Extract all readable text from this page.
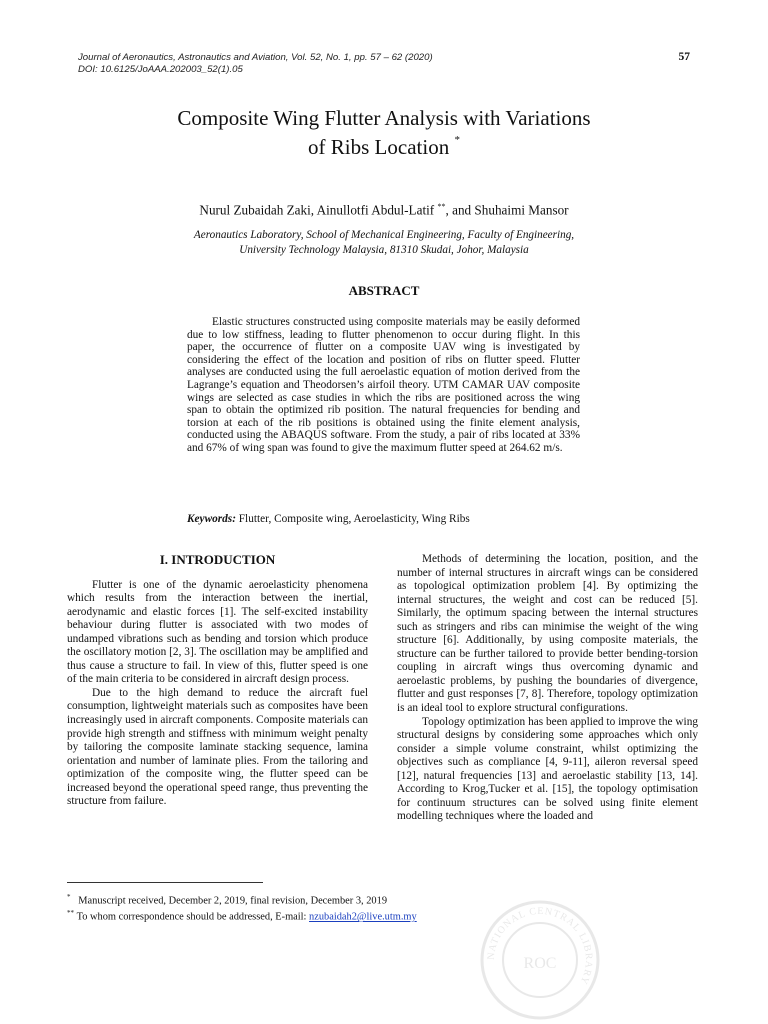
Journal of Aeronautics, Astronautics and Aviation, Vol. 52, No. 1, pp. 57 – 62 (2020)
DOI: 10.6125/JoAAA.202003_52(1).05
57
Composite Wing Flutter Analysis with Variations
of Ribs Location *
Nurul Zubaidah Zaki, Ainullotfi Abdul-Latif **, and Shuhaimi Mansor
Aeronautics Laboratory, School of Mechanical Engineering, Faculty of Engineering,
University Technology Malaysia, 81310 Skudai, Johor, Malaysia
ABSTRACT

Elastic structures constructed using composite materials may be easily deformed due to low stiffness, leading to flutter phenomenon to occur during flight. In this paper, the occurrence of flutter on a composite UAV wing is investigated by considering the effect of the location and position of ribs on flutter speed. Flutter analyses are conducted using the full aeroelastic equation of motion derived from the Lagrange’s equation and Theodorsen’s airfoil theory. UTM CAMAR UAV composite wings are selected as case studies in which the ribs are positioned across the wing span to obtain the optimized rib position. The natural frequencies for bending and torsion at each of the rib positions is obtained using the finite element analysis, conducted using the ABAQUS software. From the study, a pair of ribs located at 33% and 67% of wing span was found to give the maximum flutter speed at 264.62 m/s.

Keywords: Flutter, Composite wing, Aeroelasticity, Wing Ribs
I. INTRODUCTION

Flutter is one of the dynamic aeroelasticity phenomena which results from the interaction between the inertial, aerodynamic and elastic forces [1]. The self-excited instability behaviour during flutter is associated with two modes of undamped vibrations such as bending and torsion which produce the oscillatory motion [2, 3]. The oscillation may be amplified and thus cause a structure to fail. In view of this, flutter speed is one of the main criteria to be considered in aircraft design process.

Due to the high demand to reduce the aircraft fuel consumption, lightweight materials such as composites have been increasingly used in aircraft components. Composite materials can provide high strength and stiffness with minimum weight penalty by tailoring the composite laminate stacking sequence, lamina orientation and number of laminate plies. From the tailoring and optimization of the composite wing, the flutter speed can be increased beyond the operational speed range, thus preventing the structure from failure.

Methods of determining the location, position, and the number of internal structures in aircraft wings can be considered as topological optimization problem [4]. By optimizing the internal structures, the weight and cost can be reduced [5]. Similarly, the optimum spacing between the internal structures such as stringers and ribs can minimise the weight of the wing structure [6]. Additionally, by using composite materials, the structure can be further tailored to provide better bending-torsion coupling in aircraft wings thus overcoming dynamic and aeroelastic problems, by pushing the boundaries of divergence, flutter and gust responses [7, 8]. Therefore, topology optimization is an ideal tool to explore structural configurations.

Topology optimization has been applied to improve the wing structural designs by considering some approaches which only consider a simple volume constraint, whilst optimizing the objectives such as compliance [4, 9-11], aileron reversal speed [12], natural frequencies [13] and aeroelastic stability [13, 14]. According to Krog,Tucker et al. [15], the topology optimisation for continuum structures can be solved using finite element modelling techniques where the loaded and

* Manuscript received, December 2, 2019, final revision, December 3, 2019

** To whom correspondence should be addressed, E-mail: nzubaidah2@live.utm.my

NATIONAL CENTRAL LIBRARY
ROC
